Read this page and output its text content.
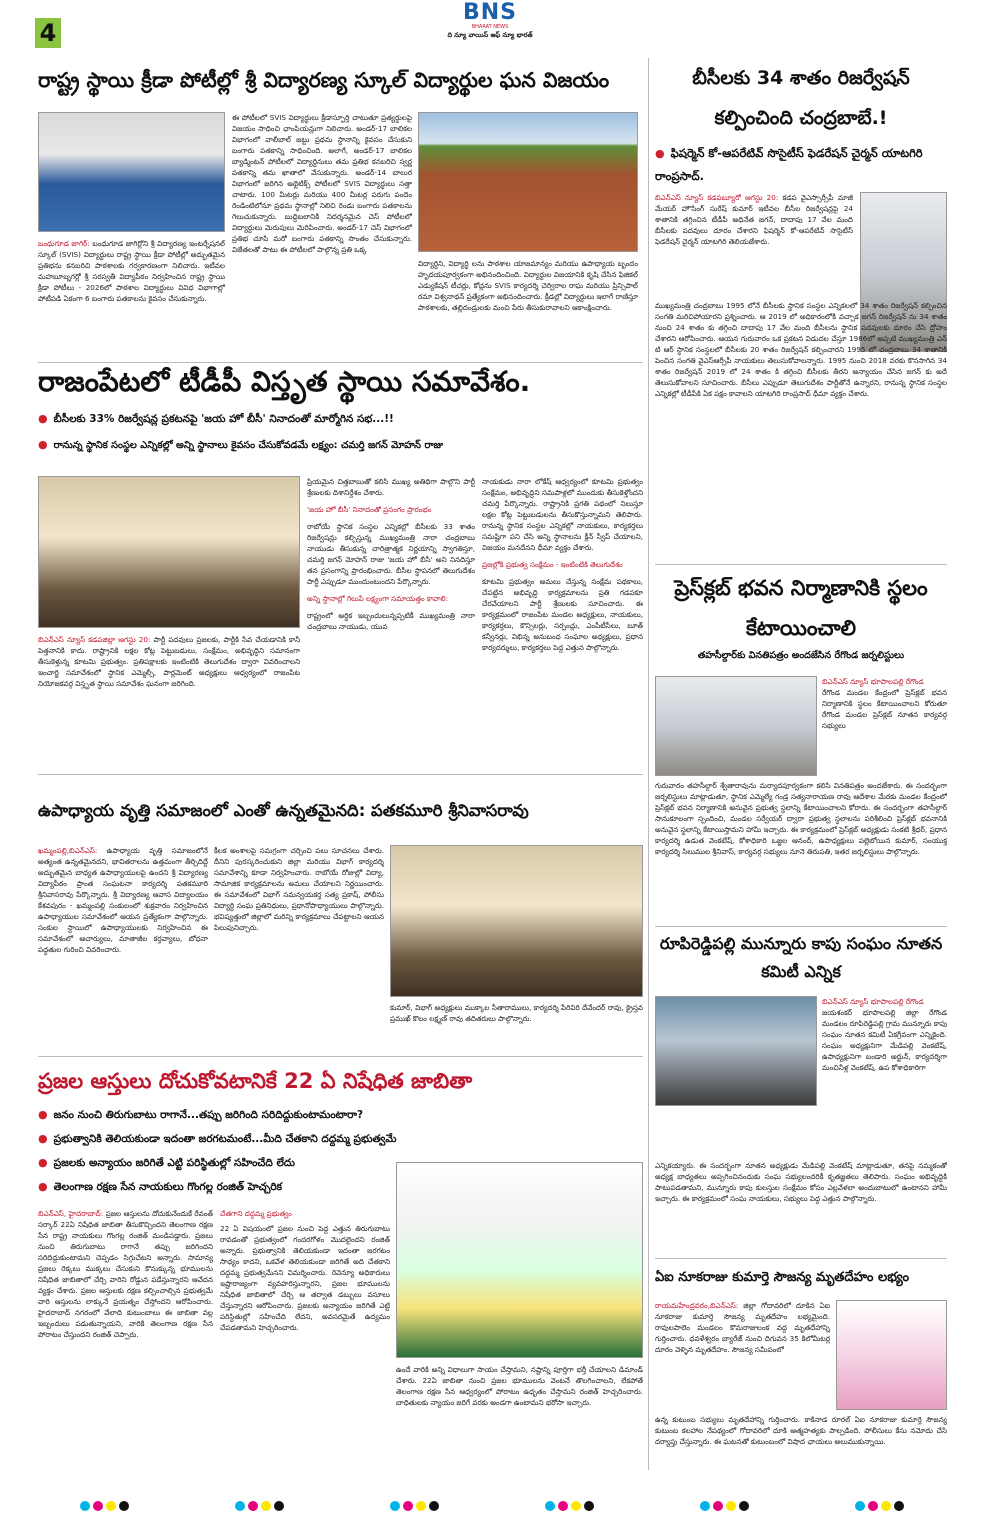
4 శుక్రవారం
BNS
BHARAT NEWS
ది న్యూ వాయిస్ ఆఫ్ న్యూ భారత్	21-08-2026
రాష్ట్ర స్థాయి క్రీడా పోటీల్లో శ్రీ విద్యారణ్య స్కూల్ విద్యార్థుల ఘన విజయం
బంధుగూడ జాగిర్: బంధుగూడ జాగిర్లోని శ్రీ విద్యారణ్య ఇంటర్నేషనల్ స్కూల్ (SVIS) విద్యార్థులు రాష్ట్ర స్థాయి క్రీడా పోటీల్లో అద్భుతమైన ప్రతిభను కనబరిచి పాఠశాలకు గర్వకారణంగా నిలిచారు. ఇటీవల మహబూబ్నగర్లో శ్రీ సరస్వతీ విద్యాపీఠం నిర్వహించిన రాష్ట్ర స్థాయి క్రీడా పోటీలు - 2026లో పాఠశాల విద్యార్థులు వివిధ విభాగాల్లో పోటీపడి ఏకంగా 6 బంగారు పతకాలను కైవసం చేసుకున్నారు.
ఈ పోటీలలో SVIS విద్యార్థులు క్రీడాస్ఫూర్తి చాటుతూ ప్రత్యర్థులపై విజయం సాధించి ఛాంపియన్లుగా నిలిచారు. అండర్-17 బాలికల విభాగంలో వాలీబాల్ జట్టు ప్రథమ స్థానాన్ని కైవసం చేసుకుని బంగారు పతకాన్ని సాధించింది. అలాగే, అండర్-17 బాలికల బ్యాడ్మింటన్ పోటీలలో విద్యార్థినులు తమ ప్రతిభ కనబరిచి స్వర్ణ పతకాన్ని తమ ఖాతాలో వేసుకున్నారు. అండర్-14 బాలుర విభాగంలో జరిగిన అథ్లెటిక్స్ పోటీలలో SVIS విద్యార్థులు సత్తా చాటారు. 100 మీటర్లు మరియు 400 మీటర్ల పరుగు పందెం రెండింటిలోనూ ప్రథమ స్థానాల్లో నిలిచి రెండు బంగారు పతకాలను గెలుచుకున్నారు. బుద్ధిబలానికి నిదర్శనమైన చెస్ పోటీలలో విద్యార్థులు మెరుపులు మెరిపించారు. అండర్-17 చెస్ విభాగంలో ప్రతిభ చూపి మరో బంగారు పతకాన్ని సొంతం చేసుకున్నారు. విజేతలతో పాటు ఈ పోటీలలో పాల్గొన్న ప్రతి ఒక్క
విద్యార్థిని, విద్యార్థి లను పాఠశాల యాజమాన్యం మరియు ఉపాధ్యాయ బృందం హృదయపూర్వకంగా అభినందించింది. విద్యార్థుల విజయానికి కృషి చేసిన ఫిజికల్ ఎడ్యుకేషన్ టీచర్లు, కోచ్లను SVIS కార్యదర్శి చెర్విరాల రాఘ మరియు ప్రిన్సిపాల్ రమా విశ్వనాథన్ ప్రత్యేకంగా అభినందించారు. క్రీడల్లో విద్యార్థులు ఇలాగే రాణిస్తూ పాఠశాలకు, తల్లిదండ్రులకు మంచి పేరు తీసుకురావాలని ఆకాంక్షించారు.
రాజంపేటలో టీడీపీ విస్తృత స్థాయి సమావేశం.
● బీసీలకు 33% రిజర్వేషన్ల ప్రకటనపై 'జయ హో బీసీ' నినాదంతో మార్మోగిన సభ...!!
● రానున్న స్థానిక సంస్థల ఎన్నికల్లో అన్ని స్థానాలు కైవసం చేసుకోవడమే లక్ష్యం: చమర్తి జగన్ మోహన్ రాజు
బిఎన్ఎస్ న్యూస్ కడపజిల్లా ఆగస్టు 20: పార్టీ పదవులు ప్రజలకు, పార్టీకి సేవ చేయడానికి కానీ పెత్తనానికి కాదు. రాష్ట్రానికి లక్షల కోట్ల పెట్టుబడులు, సంక్షేమం, అభివృద్ధిని సమానంగా తీసుకెళ్తున్న కూటమి ప్రభుత్వం. ప్రతిపక్షాలకు ఇంటింటికి తెలుగుదేశం ద్వారా వివరించాలని ఇంచార్జి సమావేశంలో స్థానిక ఎమ్మెల్సీ, పార్లమెంట్ అధ్యక్షులు ఆధ్వర్యంలో రాజంపేట నియోజకవర్గ విస్తృత స్థాయి సమావేశం ఘనంగా జరిగింది.
ప్రియమైన చిత్తబాబుతో కలిసి ముఖ్య అతిథిగా పాల్గొని పార్టీ శ్రేణులకు దిశానిర్దేశం చేశారు.
'జయ హో బీసీ' నినాదంతో ప్రసంగం ప్రారంభం
రాబోయే స్థానిక సంస్థల ఎన్నికల్లో బీసీలకు 33 శాతం రిజర్వేషన్లు కల్పిస్తున్న ముఖ్యమంత్రి నారా చంద్రబాబు నాయుడు తీసుకున్న చారిత్రాత్మక నిర్ణయాన్ని స్వాగతిస్తూ, చమర్తి జగన్ మోహన్ రాజు 'జయ హో బీసీ' అని నినదిస్తూ తన ప్రసంగాన్ని ప్రారంభించారు. బీసీల స్థాపనలో తెలుగుదేశం పార్టీ ఎప్పుడూ ముందుంటుందని పేర్కొన్నారు.
అన్ని స్థానాల్లో గెలుపే లక్ష్యంగా సమాయత్తం కావాలి:
రాష్ట్రంలో అర్థిక ఇబ్బందులున్నప్పటికీ ముఖ్యమంత్రి నారా చంద్రబాబు నాయుడు, యువ
నాయకుడు నారా లోకేష్ ఆధ్వర్యంలో కూటమి ప్రభుత్వం సంక్షేమం, అభివృద్ధిని సమపాళ్లలో ముందుకు తీసుకెళ్తోందని చమర్తి పేర్కొన్నారు. రాష్ట్రానికి ప్రగతి పథంలో నిలుస్తూ లక్షల కోట్ల పెట్టుబడులను తీసుకొస్తున్నామని తెలిపారు. రానున్న స్థానిక సంస్థల ఎన్నికల్లో నాయకులు, కార్యకర్తలు సమష్టిగా పని చేసి అన్ని స్థానాలను క్లీన్ స్వీప్ చేయాలని, విజయం మనదేనని ధీమా వ్యక్తం చేశారు.
ప్రజల్లోకి ప్రభుత్వ సంక్షేమం - ఇంటింటికి తెలుగుదేశం
కూటమి ప్రభుత్వం అమలు చేస్తున్న సంక్షేమ పథకాలు, చేపట్టిన అభివృద్ధి కార్యక్రమాలను ప్రతి గడపకూ చేరవేయాలని పార్టీ శ్రేణులకు సూచించారు. ఈ కార్యక్రమంలో రాజంపేట మండల అధ్యక్షులు, నాయకులు, కార్యకర్తలు, కౌన్సిలర్లు, సర్పంచ్లు, ఎంపీటీసీలు, బూత్ కన్వీనర్లు, విభిన్న అనుబంధ సంఘాల అధ్యక్షులు, ప్రధాన కార్యదర్శులు, కార్యకర్తలు పెద్ద ఎత్తున పాల్గొన్నారు.
ఉపాధ్యాయ వృత్తి సమాజంలో ఎంతో ఉన్నతమైనది: పతకమూరి శ్రీనివాసరావు
ఖమ్మంపల్లి,బిఎన్ఎస్: ఉపాధ్యాయ వృత్తి సమాజంలోనే అత్యంత ఉన్నతమైనదని, భావితరాలను ఉత్తమంగా తీర్చిదిద్దే అద్భుతమైన బాధ్యత ఉపాధ్యాయులపై ఉందని శ్రీ విద్యారణ్య విద్యాపీఠం ప్రాంత సంఘటనా కార్యదర్శి పతకమూరి శ్రీనివాసరావు పేర్కొన్నారు. శ్రీ విద్యారణ్య ఆవాస విద్యాలయం కేశవపురం - ఖమ్మంపల్లి సంకులంలో శుక్రవారం నిర్వహించిన ఉపాధ్యాయుల సమావేశంలో ఆయన ప్రత్యేకంగా పాల్గొన్నారు. సంకుల స్థాయిలో ఉపాధ్యాయులకు నిర్వహించిన ఈ సమావేశంలో ఆచార్యులు, మాతాజీల కర్తవ్యాలు, బోధనా పద్ధతుల గురించి వివరించారు.
కీలక అంశాలపై సమగ్రంగా చర్చించి పలు సూచనలు చేశారు. దీనిని పురస్కరించుకుని జిల్లా మరియు విభాగ్ కార్యదర్శి సమావేశాన్ని కూడా నిర్వహించారు. రాబోయే రోజుల్లో విద్యా, సామాజిక కార్యక్రమాలను అమలు చేయాలని నిర్ణయించారు. ఈ సమావేశంలో విభాగ్ సమన్వయకర్త సత్య ప్రకాష్, పోలీసు విద్యార్థి సంఘ ప్రతినిధులు, ప్రధానోపాధ్యాయులు పాల్గొన్నారు. భవిష్యత్తులో జిల్లాలో మరిన్ని కార్యక్రమాలు చేపట్టాలని ఆయన పిలుపునిచ్చారు.
కుమార్, విభాగ్ అధ్యక్షులు ముక్కాల సీతారాములు, కార్యదర్శి పేరివిరి దేవేందర్ రావు, క్రైస్తవ ప్రముఖ్ కొలం లక్ష్మణ్ రావు తదితరులు పాల్గొన్నారు.
ప్రజల ఆస్తులు దోచుకోవటానికే 22 ఏ నిషేధిత జాబితా
● జనం నుంచి తిరుగుబాటు రాగానే...తప్పు జరిగింది సరిదిద్దుకుంటామంటారా?
● ప్రభుత్వానికి తెలియకుండా ఇదంతా జరగటమంటే...మీది చేతకాని దద్దమ్మ ప్రభుత్వమే
● ప్రజలకు అన్యాయం జరిగితే ఎట్టి పరిస్థితుల్లో సహించేది లేదు
● తెలంగాణ రక్షణ సేన నాయకులు గొంగల్ల రంజిత్ హెచ్చరిక
బిఎన్ఎస్, హైదరాబాద్: ప్రజల ఆస్తులను దోచుకునేందుకే రేవంత్ సర్కార్ 22ఏ నిషేధిత జాబితా తీసుకొచ్చిందని తెలంగాణ రక్షణ సేన రాష్ట్ర నాయకులు గొంగల్ల రంజిత్ మండిపడ్డారు. ప్రజలు నుంచి తిరుగుబాటు రాగానే తప్పు జరిగిందని సరిదిద్దుకుంటామని చెప్పడం సిగ్గుచేటని అన్నారు. సామాన్య ప్రజలు రెక్కలు ముక్కలు చేసుకుని కొనుక్కున్న భూములను నిషేధిత జాబితాలో చేర్చి వారిని రోడ్డున పడేస్తున్నారని ఆవేదన వ్యక్తం చేశారు. ప్రజల ఆస్తులకు రక్షణ కల్పించాల్సిన ప్రభుత్వమే వారి ఆస్తులను లాక్కునే ప్రయత్నం చేస్తోందని ఆరోపించారు. హైదరాబాద్ నగరంలో వేలాది కుటుంబాలు ఈ జాబితా వల్ల ఇబ్బందులు పడుతున్నాయని, వారికి తెలంగాణ రక్షణ సేన పోరాటం చేస్తుందని రంజిత్ చెప్పారు.
చేతగాని దద్దమ్మ ప్రభుత్వం
22 ఏ విషయంలో ప్రజల నుంచి పెద్ద ఎత్తున తిరుగుబాటు రావడంతో ప్రభుత్వంలో గందరగోళం మొదలైందని రంజిత్ అన్నారు. ప్రభుత్వానికి తెలియకుండా ఇదంతా జరగటం సాధ్యం కాదని, ఒకవేళ తెలియకుండా జరిగితే అది చేతకాని దద్దమ్మ ప్రభుత్వమేనని విమర్శించారు. రెవెన్యూ అధికారులు ఇష్టారాజ్యంగా వ్యవహరిస్తున్నారని, ప్రజల భూములను నిషేధిత జాబితాలో చేర్చి ఆ తర్వాత డబ్బులు వసూలు చేస్తున్నారని ఆరోపించారు. ప్రజలకు అన్యాయం జరిగితే ఎట్టి పరిస్థితుల్లో సహించేది లేదని, అవసరమైతే ఉద్యమం చేపడతామని హెచ్చరించారు.
ఉందే వారికి అన్ని విధాలుగా సాయం చేస్తామని, నష్టాన్ని పూర్తిగా భర్తీ చేయాలని డిమాండ్ చేశారు. 22ఏ జాబితా నుంచి ప్రజల భూములను వెంటనే తొలగించాలని, లేకపోతే తెలంగాణ రక్షణ సేన ఆధ్వర్యంలో పోరాటం ఉధృతం చేస్తామని రంజిత్ హెచ్చరించారు. బాధితులకు న్యాయం జరిగే వరకు అండగా ఉంటామని భరోసా ఇచ్చారు.
బీసీలకు 34 శాతం రిజర్వేషన్ కల్పించింది చంద్రబాబే.!
● ఫిషర్మెన్ కో-ఆపరేటివ్ సొసైటీస్ ఫెడరేషన్ చైర్మన్ యాటగిరి రాంప్రసాద్.
బిఎన్ఎస్ న్యూస్ కడపబ్యూరో ఆగస్టు 20: కడప వైఎస్సార్సీపీ మాజీ మేయర్ హౌసింగ్ సురేష్ కుమార్ ఇటీవల బీసీల రిజర్వేషన్లపై 24 శాతానికి తగ్గించిన టీడీపీ అధినేత జగన్, దాదాపు 17 వేల మంది బీసీలకు పదవులు దూరం చేశారని ఫిషర్మెన్ కో-ఆపరేటివ్ సొసైటీస్ ఫెడరేషన్ చైర్మన్ యాటగిరి తెలియజేశారు.
ముఖ్యమంత్రి చంద్రబాబు 1995 లోనే బీసీలకు స్థానిక సంస్థల ఎన్నికలలో 34 శాతం రిజర్వేషన్ కల్పించిన సంగతి మరిచిపోయారని ప్రశ్నించారు. ఆ 2019 లో అధికారంలోకి వచ్చాక జగన్ రిజర్వేషన్ ను 34 శాతం నుంచి 24 శాతం కు తగ్గించి దాదాపు 17 వేల మంది బీసీలను స్థానిక పదవులకు దూరం చేసి ద్రోహం చేశారని ఆరోపించారు. ఆయన గురువారం ఒక ప్రకటన విడుదల చేస్తూ 1986లో అప్పటి ముఖ్యమంత్రి ఎన్ టి ఆర్ స్థానిక సంస్థలలో బీసీలకు 20 శాతం రిజర్వేషన్ కల్పించారని 1995 లో చంద్రబాబు 34 శాతానికి పెంచిన సంగతి వైఎస్ఆర్సీపీ నాయకులు తెలుసుకోవాలన్నారు. 1995 నుంచి 2018 వరకు కొనసాగిన 34 శాతం రిజర్వేషన్ 2019 లో 24 శాతం కి తగ్గించి బీసీలకు తీరని అన్యాయం చేసిన జగన్ కు అదే తెలుసుకోవాలని సూచించారు. బీసీలు ఎప్పుడూ తెలుగుదేశం పార్టీతోనే ఉన్నారని, రానున్న స్థానిక సంస్థల ఎన్నికల్లో టీడీపీకి ఏక పక్షం కావాలని యాటగిరి రాంప్రసాద్ ధీమా వ్యక్తం చేశారు.
ప్రెస్‌క్లబ్ భవన నిర్మాణానికి స్థలం కేటాయించాలి
తహసీల్దార్‌కు వినతిపత్రం అందజేసిన రేగొండ జర్నలిస్టులు
బిఎన్ఎస్ న్యూస్ భూపాలపల్లి రేగొండ
రేగొండ మండల కేంద్రంలో ప్రెస్‌క్లబ్ భవన నిర్మాణానికి స్థలం కేటాయించాలని కోరుతూ రేగొండ మండల ప్రెస్‌క్లబ్ నూతన కార్యవర్గ సభ్యులు
గురువారం తహసీల్దార్ శ్వేతారావును మర్యాదపూర్వకంగా కలిసి వినతిపత్రం అందజేశారు. ఈ సందర్భంగా జర్నలిస్టులు మాట్లాడుతూ, స్థానిక ఎమ్మెల్యే గండ్ర సత్యనారాయణ రావు ఆదేశాల మేరకు మండల కేంద్రంలో ప్రెస్‌క్లబ్ భవన నిర్మాణానికి అనువైన ప్రభుత్వ స్థలాన్ని కేటాయించాలని కోరారు. ఈ సందర్భంగా తహసీల్దార్ సానుకూలంగా స్పందించి, మండల సర్వేయర్ ద్వారా ప్రభుత్వ స్థలాలను పరిశీలించి ప్రెస్‌క్లబ్ భవనానికి అనువైన స్థలాన్ని కేటాయిస్తామని హామీ ఇచ్చారు. ఈ కార్యక్రమంలో ప్రెస్‌క్లబ్ అధ్యక్షుడు సంకటి శ్రీధర్, ప్రధాన కార్యదర్శి ఉడుత వెంకటేష్, కోశాధికారి ఒజ్జల ఆనంద్, ఉపాధ్యక్షులు పల్లెబోయిన కుమార్, సంయుక్త కార్యదర్శి సిలుముల శ్రీనివాస్, కార్యవర్గ సభ్యులు నూనె తిరుపతి, ఇతర జర్నలిస్టులు పాల్గొన్నారు.
రూపిరెడ్డిపల్లి మున్నూరు కాపు సంఘం నూతన కమిటీ ఎన్నిక
బిఎన్ఎస్ న్యూస్ భూపాలపల్లి రేగొండ
జయశంకర్ భూపాలపల్లి జిల్లా రేగొండ మండలం రూపిరెడ్డిపల్లి గ్రామ మున్నూరు కాపు సంఘం నూతన కమిటీ ఏకగ్రీవంగా ఎన్నికైంది. సంఘం అధ్యక్షునిగా మేడిపల్లి వెంకటేష్, ఉపాధ్యక్షునిగా బండారి అర్జున్, కార్యదర్శిగా మంచినీళ్ల వెంకటేష్, ఉప కోశాధికారిగా
ఎన్నికయ్యారు. ఈ సందర్భంగా నూతన అధ్యక్షుడు మేడిపల్లి వెంకటేష్ మాట్లాడుతూ, తనపై నమ్మకంతో అధ్యక్ష బాధ్యతలు అప్పగించినందుకు సంఘ సభ్యులందరికీ కృతజ్ఞతలు తెలిపారు. సంఘం అభివృద్ధికి పాటుపడతామని, మున్నూరు కాపు కులస్తుల సంక్షేమం కోసం ఎల్లవేళలా అందుబాటులో ఉంటానని హామీ ఇచ్చారు. ఈ కార్యక్రమంలో సంఘ నాయకులు, సభ్యులు పెద్ద ఎత్తున పాల్గొన్నారు.
ఏఐ నూకరాజు కుమార్తె సౌజన్య మృతదేహం లభ్యం
రాయమహేంద్రవరం,బిఎన్ఎస్: జిల్లా గోదావరిలో దూకిన ఏఐ నూకరాజు కుమార్తె సౌజన్య మృతదేహం లభ్యమైంది. రావులపాలెం మండలం కొమరాజులంక వద్ద మృతదేహాన్ని గుర్తించారు. ధవళేశ్వరం బ్యారేజ్ నుంచి దిగువన 35 కిలోమీటర్ల దూరం వెళ్ళిన మృతదేహం. సౌజన్య సమీపంలో
ఉన్న కుటుంబ సభ్యులు మృతదేహాన్ని గుర్తించారు. కాకినాడ రూరల్ ఏఐ నూకరాజు కుమార్తె సౌజన్య కుటుంబ కలహాల నేపథ్యంలో గోదావరిలో దూకి ఆత్మహత్యకు పాల్పడింది. పోలీసులు కేసు నమోదు చేసి దర్యాప్తు చేస్తున్నారు. ఈ ఘటనతో కుటుంబంలో విషాద ఛాయలు అలుముకున్నాయి.
